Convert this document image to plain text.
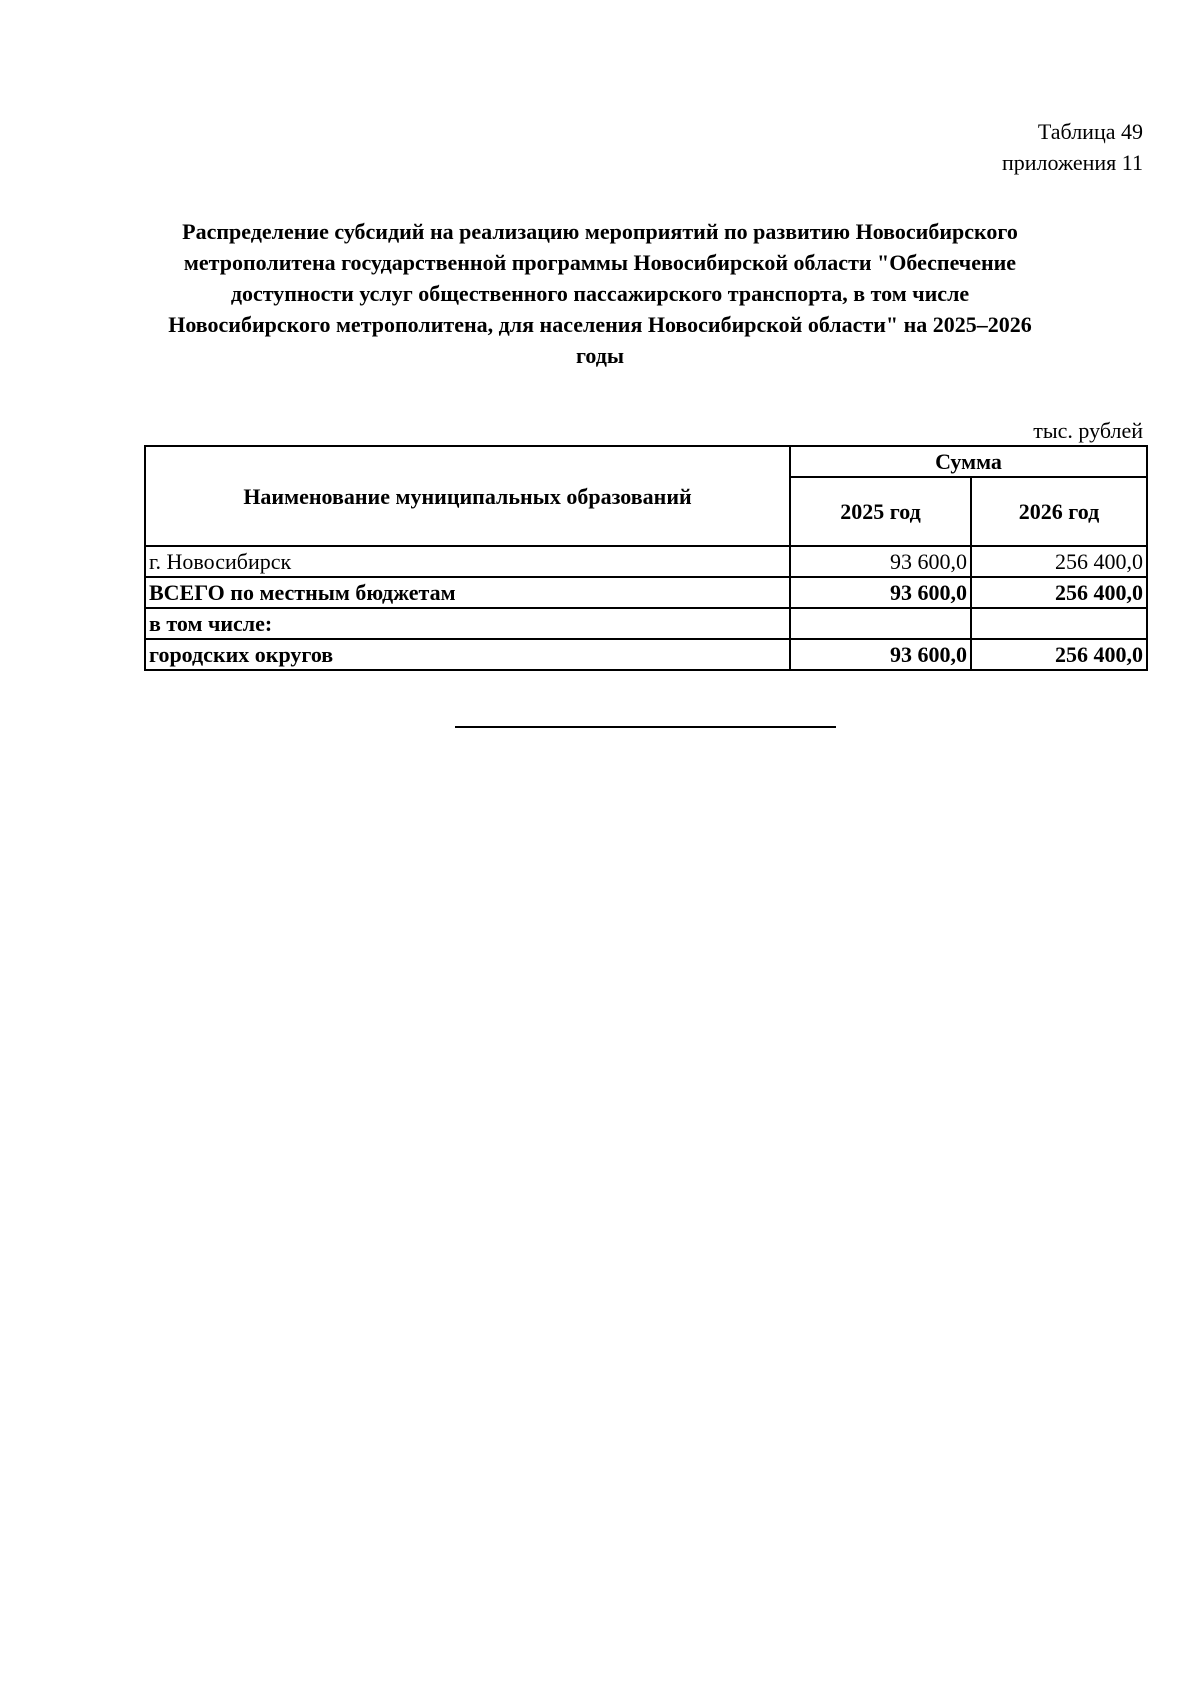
Таблица 49
приложения 11
Распределение субсидий на реализацию мероприятий по развитию Новосибирского
метрополитена государственной программы Новосибирской области "Обеспечение
доступности услуг общественного пассажирского транспорта, в том числе
Новосибирского метрополитена, для населения Новосибирской области" на 2025–2026
годы
тыс. рублей
Наименование муниципальных образований	Сумма	
	2025 год	2026 год
г. Новосибирск	93 600,0	256 400,0
ВСЕГО по местным бюджетам	93 600,0	256 400,0
в том числе:		
городских округов	93 600,0	256 400,0
